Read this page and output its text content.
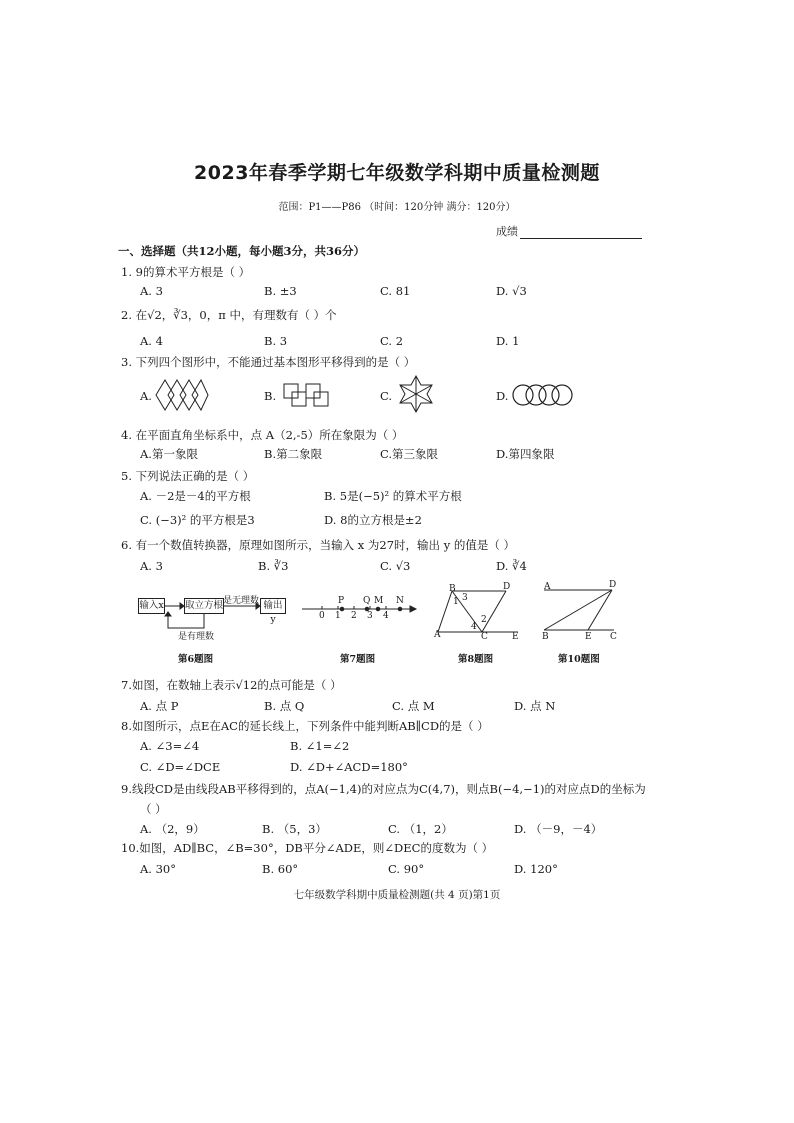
2023年春季学期七年级数学科期中质量检测题
范围：P1——P86 （时间：120分钟 满分：120分）
成绩
一、选择题（共12小题，每小题3分，共36分）
1. 9的算术平方根是（ ）
A. 3	B. ±3	C. 81	D. √3
2. 在√2，∛3，0，π 中，有理数有（ ）个
A. 4	B. 3	C. 2	D. 1
3. 下列四个图形中，不能通过基本图形平移得到的是（ ）
A.	B.	C.	D.
4. 在平面直角坐标系中，点 A（2,-5）所在象限为（ ）
A.第一象限	B.第二象限	C.第三象限	D.第四象限
5. 下列说法正确的是（ ）
A. －2是－4的平方根	B. 5是(−5)² 的算术平方根
C. (−3)² 的平方根是3	D. 8的立方根是±2
6. 有一个数值转换器，原理如图所示，当输入 x 为27时，输出 y 的值是（ ）
A. 3	B. ∛3	C. √3	D. ∛4
输入x 取立方根 是无理数 输出y
是有理数
第6题图
P Q M N
0 1 2 3 4
第7题图
B	D
A	C	E
1 3
2
4
第8题图
A	D
B	E C
第10题图
7.如图，在数轴上表示√12的点可能是（ ）
A. 点 P	B. 点 Q	C. 点 M	D. 点 N
8.如图所示，点E在AC的延长线上，下列条件中能判断AB∥CD的是（ ）
A. ∠3=∠4	B. ∠1=∠2
C. ∠D=∠DCE	D. ∠D+∠ACD=180°
9.线段CD是由线段AB平移得到的，点A(−1,4)的对应点为C(4,7)，则点B(−4,−1)的对应点D的坐标为
（ ）
A. （2，9）	B. （5，3）	C. （1，2）	D. （－9，－4）
10.如图，AD∥BC，∠B=30°，DB平分∠ADE，则∠DEC的度数为（ ）
A. 30°	B. 60°	C. 90°	D. 120°
七年级数学科期中质量检测题(共 4 页)第1页
